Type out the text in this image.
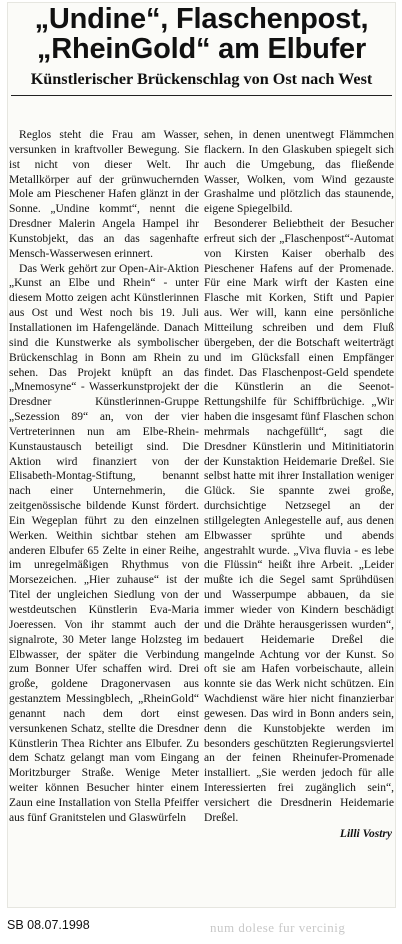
„Undine“, Flaschenpost,
„RheinGold“ am Elbufer
Künstlerischer Brückenschlag von Ost nach West

Reglos steht die Frau am Wasser, versunken in kraftvoller Bewegung. Sie ist nicht von dieser Welt. Ihr Metallkörper auf der grünwuchernden Mole am Pieschener Hafen glänzt in der Sonne. „Undine kommt“, nennt die Dresdner Malerin Angela Hampel ihr Kunstobjekt, das an das sagenhafte Mensch-Wasserwesen erinnert.

Das Werk gehört zur Open-Air-Aktion „Kunst an Elbe und Rhein“ - unter diesem Motto zeigen acht Künstlerinnen aus Ost und West noch bis 19. Juli Installationen im Hafengelände. Danach sind die Kunstwerke als symbolischer Brückenschlag in Bonn am Rhein zu sehen. Das Projekt knüpft an das „Mnemosyne“ - Wasserkunstprojekt der Dresdner Künstlerinnen-Gruppe „Sezession 89“ an, von der vier Vertreterinnen nun am Elbe-Rhein-Kunstaustausch beteiligt sind. Die Aktion wird finanziert von der Elisabeth-Montag-Stiftung, benannt nach einer Unternehmerin, die zeitgenössische bildende Kunst fördert. Ein Wegeplan führt zu den einzelnen Werken. Weithin sichtbar stehen am anderen Elbufer 65 Zelte in einer Reihe, im unregelmäßigen Rhythmus von Morsezeichen. „Hier zuhause“ ist der Titel der ungleichen Siedlung von der westdeutschen Künstlerin Eva-Maria Joeressen. Von ihr stammt auch der signalrote, 30 Meter lange Holzsteg im Elbwasser, der später die Verbindung zum Bonner Ufer schaffen wird. Drei große, goldene Dragonervasen aus gestanztem Messingblech, „RheinGold“ genannt nach dem dort einst versunkenen Schatz, stellte die Dresdner Künstlerin Thea Richter ans Elbufer. Zu dem Schatz gelangt man vom Eingang Moritzburger Straße. Wenige Meter weiter können Besucher hinter einem Zaun eine Installation von Stella Pfeiffer aus fünf Granitstelen und Glaswürfeln

sehen, in denen unentwegt Flämmchen flackern. In den Glaskuben spiegelt sich auch die Umgebung, das fließende Wasser, Wolken, vom Wind gezauste Grashalme und plötzlich das staunende, eigene Spiegelbild.

Besonderer Beliebtheit der Besucher erfreut sich der „Flaschenpost“-Automat von Kirsten Kaiser oberhalb des Pieschener Hafens auf der Promenade. Für eine Mark wirft der Kasten eine Flasche mit Korken, Stift und Papier aus. Wer will, kann eine persönliche Mitteilung schreiben und dem Fluß übergeben, der die Botschaft weiterträgt und im Glücksfall einen Empfänger findet. Das Flaschenpost-Geld spendete die Künstlerin an die Seenot-Rettungshilfe für Schiffbrüchige. „Wir haben die insgesamt fünf Flaschen schon mehrmals nachgefüllt“, sagt die Dresdner Künstlerin und Mitinitiatorin der Kunstaktion Heidemarie Dreßel. Sie selbst hatte mit ihrer Installation weniger Glück. Sie spannte zwei große, durchsichtige Netzsegel an der stillgelegten Anlegestelle auf, aus denen Elbwasser sprühte und abends angestrahlt wurde. „Viva fluvia - es lebe die Flüssin“ heißt ihre Arbeit. „Leider mußte ich die Segel samt Sprühdüsen und Wasserpumpe abbauen, da sie immer wieder von Kindern beschädigt und die Drähte herausgerissen wurden“, bedauert Heidemarie Dreßel die mangelnde Achtung vor der Kunst. So oft sie am Hafen vorbeischaute, allein konnte sie das Werk nicht schützen. Ein Wachdienst wäre hier nicht finanzierbar gewesen. Das wird in Bonn anders sein, denn die Kunstobjekte werden im besonders geschützten Regierungsviertel an der feinen Rheinufer-Promenade installiert. „Sie werden jedoch für alle Interessierten frei zugänglich sein“, versichert die Dresdnerin Heidemarie Dreßel.

Lilli Vostry
SB 08.07.1998	num dolese fur vercinig
